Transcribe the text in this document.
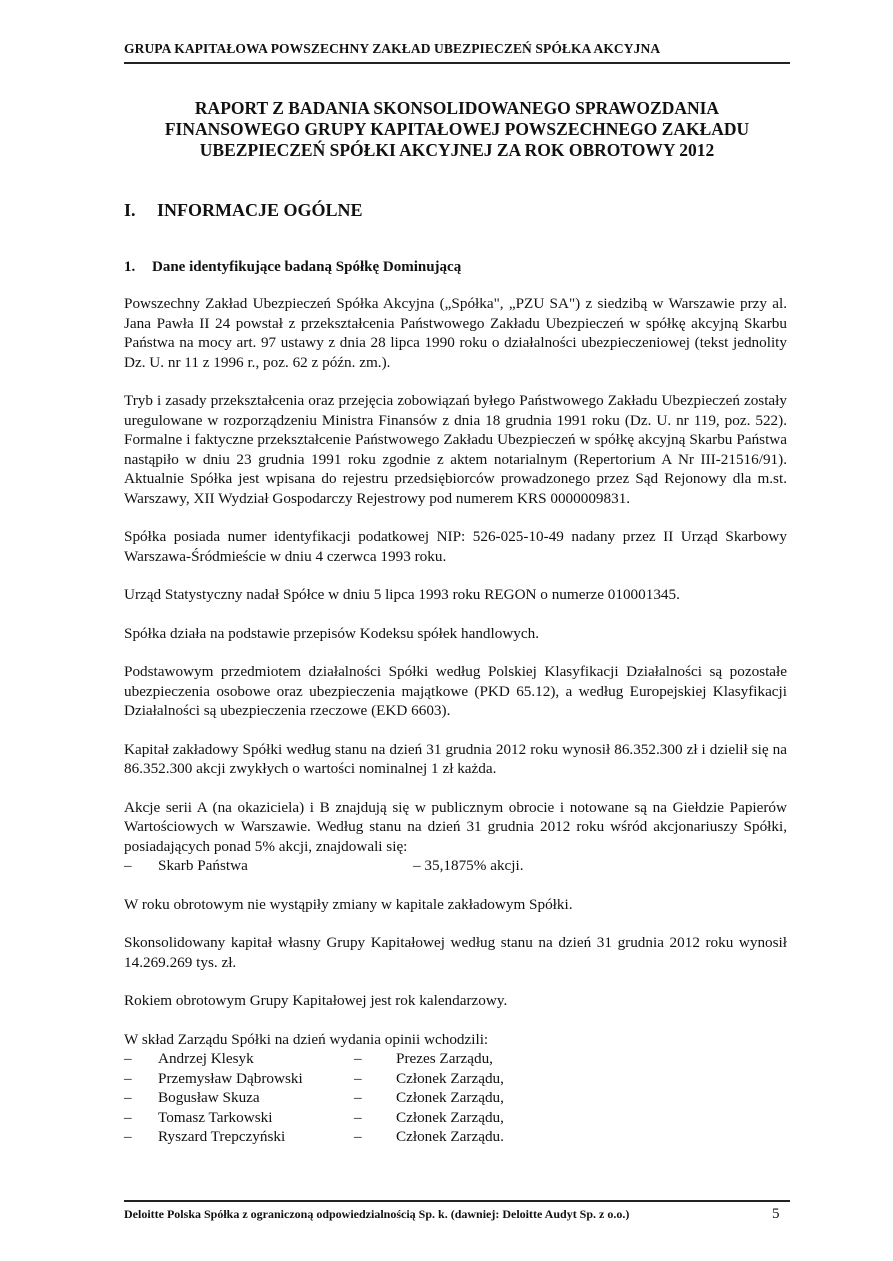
GRUPA KAPITAŁOWA POWSZECHNY ZAKŁAD UBEZPIECZEŃ SPÓŁKA AKCYJNA
RAPORT Z BADANIA SKONSOLIDOWANEGO SPRAWOZDANIA
FINANSOWEGO GRUPY KAPITAŁOWEJ POWSZECHNEGO ZAKŁADU
UBEZPIECZEŃ SPÓŁKI AKCYJNEJ ZA ROK OBROTOWY 2012
I. INFORMACJE OGÓLNE
1. Dane identyfikujące badaną Spółkę Dominującą

Powszechny Zakład Ubezpieczeń Spółka Akcyjna („Spółka", „PZU SA") z siedzibą w Warszawie przy al. Jana Pawła II 24 powstał z przekształcenia Państwowego Zakładu Ubezpieczeń w spółkę akcyjną Skarbu Państwa na mocy art. 97 ustawy z dnia 28 lipca 1990 roku o działalności ubezpieczeniowej (tekst jednolity Dz. U. nr 11 z 1996 r., poz. 62 z późn. zm.).

Tryb i zasady przekształcenia oraz przejęcia zobowiązań byłego Państwowego Zakładu Ubezpieczeń zostały uregulowane w rozporządzeniu Ministra Finansów z dnia 18 grudnia 1991 roku (Dz. U. nr 119, poz. 522). Formalne i faktyczne przekształcenie Państwowego Zakładu Ubezpieczeń w spółkę akcyjną Skarbu Państwa nastąpiło w dniu 23 grudnia 1991 roku zgodnie z aktem notarialnym (Repertorium A Nr III-21516/91). Aktualnie Spółka jest wpisana do rejestru przedsiębiorców prowadzonego przez Sąd Rejonowy dla m.st. Warszawy, XII Wydział Gospodarczy Rejestrowy pod numerem KRS 0000009831.

Spółka posiada numer identyfikacji podatkowej NIP: 526-025-10-49 nadany przez II Urząd Skarbowy Warszawa-Śródmieście w dniu 4 czerwca 1993 roku.

Urząd Statystyczny nadał Spółce w dniu 5 lipca 1993 roku REGON o numerze 010001345.

Spółka działa na podstawie przepisów Kodeksu spółek handlowych.

Podstawowym przedmiotem działalności Spółki według Polskiej Klasyfikacji Działalności są pozostałe ubezpieczenia osobowe oraz ubezpieczenia majątkowe (PKD 65.12), a według Europejskiej Klasyfikacji Działalności są ubezpieczenia rzeczowe (EKD 6603).

Kapitał zakładowy Spółki według stanu na dzień 31 grudnia 2012 roku wynosił 86.352.300 zł i dzielił się na 86.352.300 akcji zwykłych o wartości nominalnej 1 zł każda.

Akcje serii A (na okaziciela) i B znajdują się w publicznym obrocie i notowane są na Giełdzie Papierów Wartościowych w Warszawie. Według stanu na dzień 31 grudnia 2012 roku wśród akcjonariuszy Spółki, posiadających ponad 5% akcji, znajdowali się:

–	Skarb Państwa	– 35,1875% akcji.

W roku obrotowym nie wystąpiły zmiany w kapitale zakładowym Spółki.

Skonsolidowany kapitał własny Grupy Kapitałowej według stanu na dzień 31 grudnia 2012 roku wynosił 14.269.269 tys. zł.

Rokiem obrotowym Grupy Kapitałowej jest rok kalendarzowy.

W skład Zarządu Spółki na dzień wydania opinii wchodzili:

–	Andrzej Klesyk	–	Prezes Zarządu,
–	Przemysław Dąbrowski	–	Członek Zarządu,
–	Bogusław Skuza	–	Członek Zarządu,
–	Tomasz Tarkowski	–	Członek Zarządu,
–	Ryszard Trepczyński	–	Członek Zarządu.
Deloitte Polska Spółka z ograniczoną odpowiedzialnością Sp. k. (dawniej: Deloitte Audyt Sp. z o.o.)	5
